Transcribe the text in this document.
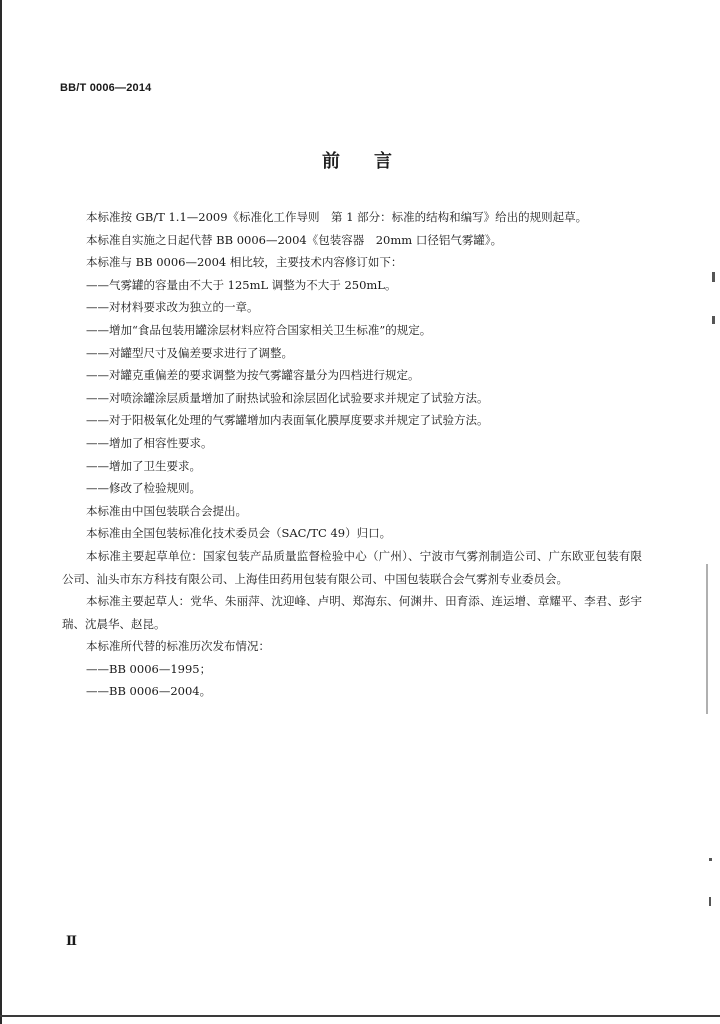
BB/T 0006—2014
前言
本标准按 GB/T 1.1—2009《标准化工作导则　第 1 部分：标准的结构和编写》给出的规则起草。
本标准自实施之日起代替 BB 0006—2004《包装容器　20mm 口径铝气雾罐》。
本标准与 BB 0006—2004 相比较，主要技术内容修订如下：
——气雾罐的容量由不大于 125mL 调整为不大于 250mL。
——对材料要求改为独立的一章。
——增加“食品包装用罐涂层材料应符合国家相关卫生标准”的规定。
——对罐型尺寸及偏差要求进行了调整。
——对罐克重偏差的要求调整为按气雾罐容量分为四档进行规定。
——对喷涂罐涂层质量增加了耐热试验和涂层固化试验要求并规定了试验方法。
——对于阳极氧化处理的气雾罐增加内表面氧化膜厚度要求并规定了试验方法。
——增加了相容性要求。
——增加了卫生要求。
——修改了检验规则。
本标准由中国包装联合会提出。
本标准由全国包装标准化技术委员会（SAC/TC 49）归口。
本标准主要起草单位：国家包装产品质量监督检验中心（广州）、宁波市气雾剂制造公司、广东欧亚包装有限公司、汕头市东方科技有限公司、上海佳田药用包装有限公司、中国包装联合会气雾剂专业委员会。
本标准主要起草人：党华、朱丽萍、沈迎峰、卢明、郑海东、何渊井、田育添、连运增、章耀平、李君、彭宇瑞、沈晨华、赵昆。
本标准所代替的标准历次发布情况：
——BB 0006—1995；
——BB 0006—2004。
Ⅱ
